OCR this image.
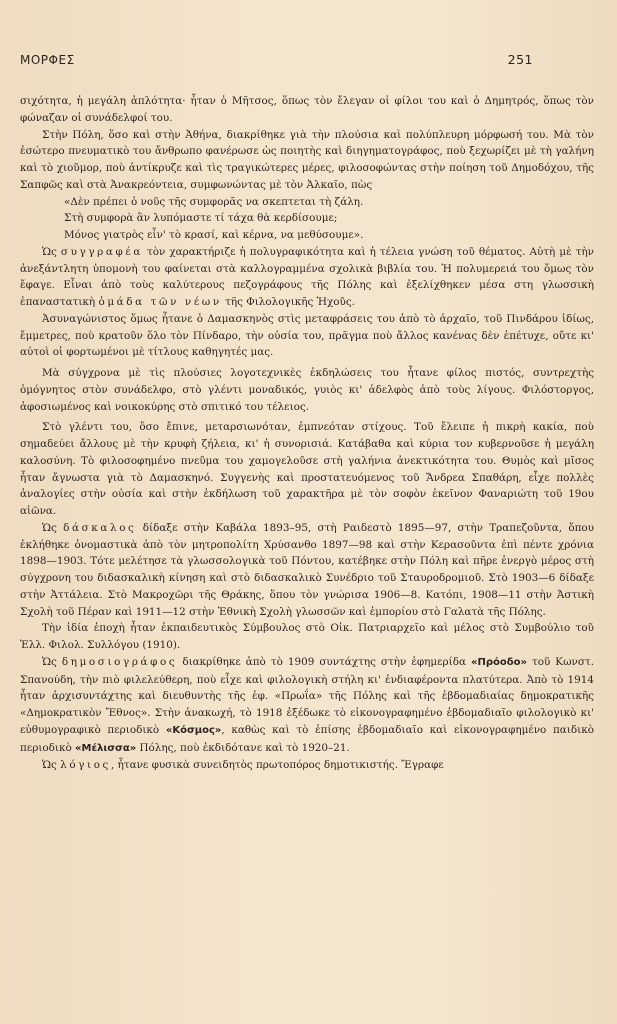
ΜΟΡΦΕΣ	251

σιχότητα, ἡ μεγάλη ἁπλότητα· ἦταν ὁ Μῆτσος, ὅπως τὸν ἔλεγαν οἱ φίλοι του καὶ ὁ Δημητρός, ὅπως τὸν φώναζαν οἱ συνάδελφοί του.

Στὴν Πόλη, ὅσο καὶ στὴν Ἀθήνα, διακρίθηκε γιὰ τὴν πλούσια καὶ πολύπλευρη μόρφωσή του. Μὰ τὸν ἐσώτερο πνευματικὸ του ἄνθρωπο φανέρωσε ὡς ποιητὴς καὶ διηγηματογράφος, ποὺ ξεχωρίζει μὲ τὴ γαλήνη καὶ τὸ χιοῦμορ, ποὺ ἀντίκρυζε καὶ τὶς τραγικώτερες μέρες, φιλοσοφώντας στὴν ποίηση τοῦ Δημοδόχου, τῆς Σαπφῶς καὶ στὰ Ἀνακρεόντεια, συμφωνώντας μὲ τὸν Ἀλκαῖο, πὼς

«Δὲν πρέπει ὁ νοῦς τῆς συμφορᾶς να σκεπτεται τὴ ζάλη.
Στὴ συμφορὰ ἂν λυπόμαστε τί τάχα θὰ κερδίσουμε;
Μόνος γιατρὸς εἶν' τὸ κρασί, καὶ κέρνα, να μεθύσουμε».

Ὡς συγγραφέα τὸν χαρακτήριζε ἡ πολυγραφικότητα καὶ ἡ τέλεια γνώση τοῦ θέματος. Αὐτὴ μὲ τὴν ἀνεξάντλητη ὑπομονὴ του φαίνεται στὰ καλλογραμμένα σχολικὰ βιβλία του. Ἡ πολυμερειά του ὅμως τὸν ἔφαγε. Εἶναι ἀπὸ τοὺς καλύτερους πεζογράφους τῆς Πόλης καὶ ἐξελίχθηκεν μέσα στη γλωσσικὴ ἐπαναστατικὴ ὁμάδα τῶν νέων τῆς Φιλολογικῆς Ἠχοῦς.

Ἀσυναγώνιστος ὅμως ἦτανε ὁ Δαμασκηνὸς στὶς μεταφράσεις του ἀπὸ τὸ ἀρχαῖο, τοῦ Πινδάρου ἰδίως, ἔμμετρες, ποὺ κρατοῦν ὅλο τὸν Πίνδαρο, τὴν οὐσία του, πρᾶγμα ποὺ ἄλλος κανένας δὲν ἐπέτυχε, οὔτε κι' αὐτοὶ οἱ φορτωμένοι μὲ τίτλους καθηγητές μας.

Μὰ σύγχρονα μὲ τὶς πλούσιες λογοτεχνικὲς ἐκδηλώσεις του ἦτανε φίλος πιστός, συντρεχτὴς ὁμόγνητος στὸν συνάδελφο, στὸ γλέντι μοναδικός, γυιὸς κι' ἀδελφὸς ἀπὸ τοὺς λίγους. Φιλόστοργος, ἀφοσιωμένος καὶ νοικοκύρης στὸ σπιτικό του τέλειος.

Στὸ γλέντι του, ὅσο ἔπινε, μεταρσιωνόταν, ἐμπνεόταν στίχους. Τοῦ ἔλειπε ἡ πικρὴ κακία, ποὺ σημαδεύει ἄλλους μὲ τὴν κρυφὴ ζήλεια, κι' ἡ συνορισιά. Κατάβαθα καὶ κύρια τον κυβερνοῦσε ἡ μεγάλη καλοσύνη. Τὸ φιλοσοφημένο πνεῦμα του χαμογελοῦσε στὴ γαλήνια ἀνεκτικότητα του. Θυμὸς καὶ μῖσος ἦταν ἄγνωστα γιὰ τὸ Δαμασκηνό. Συγγενὴς καὶ προστατευόμενος τοῦ Ἄνδρεα Σπαθάρη, εἶχε πολλὲς ἀναλογίες στὴν οὐσία καὶ στὴν ἐκδήλωση τοῦ χαρακτῆρα μὲ τὸν σοφὸν ἐκεῖνον Φαναριώτη τοῦ 19ου αἰῶνα.

Ὡς δάσκαλος δίδαξε στὴν Καβάλα 1893–95, στὴ Ραιδεστὸ 1895—97, στὴν Τραπεζοῦντα, ὅπου ἐκλήθηκε ὀνομαστικὰ ἀπὸ τὸν μητροπολίτη Χρύσανθο 1897—98 καὶ στὴν Κερασοῦντα ἐπὶ πέντε χρόνια 1898—1903. Τότε μελέτησε τὰ γλωσσολογικὰ τοῦ Πόντου, κατέβηκε στὴν Πόλη καὶ πῆρε ἐνεργὸ μέρος στὴ σύγχρονη του διδασκαλικὴ κίνηση καὶ στὸ διδασκαλικὸ Συνέδριο τοῦ Σταυροδρομιοῦ. Στὸ 1903—6 δίδαξε στὴν Ἀττάλεια. Στὸ Μακροχῶρι τῆς Θράκης, ὅπου τὸν γνώρισα 1906—8. Κατόπι, 1908—11 στὴν Ἀστικὴ Σχολὴ τοῦ Πέραν καὶ 1911—12 στὴν Ἐθνικὴ Σχολὴ γλωσσῶν καὶ ἐμπορίου στὸ Γαλατὰ τῆς Πόλης.

Τὴν ἰδία ἐποχὴ ἦταν ἐκπαιδευτικὸς Σύμβουλος στὸ Οἰκ. Πατριαρχεῖο καὶ μέλος στὸ Συμβούλιο τοῦ Ἑλλ. Φιλολ. Συλλόγου (1910).

Ὡς δημοσιογράφος διακρίθηκε ἀπὸ τὸ 1909 συντάχτης στὴν ἐφημερίδα «Πρόοδο» τοῦ Κωνστ. Σπανούδη, τὴν πιὸ φιλελεύθερη, ποὺ εἶχε καὶ φιλολογικὴ στήλη κι' ἐνδιαφέροντα πλατύτερα. Ἀπὸ τὸ 1914 ἦταν ἀρχισυντάχτης καὶ διευθυντὴς τῆς ἐφ. «Πρωΐα» τῆς Πόλης καὶ τῆς ἑβδομαδιαίας δημοκρατικῆς «Δημοκρατικὸν Ἔθνος». Στὴν ἀνακωχή, τὸ 1918 ἐξέδωκε τὸ εἰκονογραφημένο ἑβδομαδιαῖο φιλολογικὸ κι' εὐθυμογραφικὸ περιοδικὸ «Κόσμος», καθὼς καὶ τὸ ἐπίσης ἑβδομαδιαῖο καὶ εἰκονογραφημένο παιδικὸ περιοδικὸ «Μέλισσα» Πόλης, ποὺ ἐκδιδότανε καὶ τὸ 1920–21.

Ὡς λόγιος, ἦτανε φυσικὰ συνειδητὸς πρωτοπόρος δημοτικιστής. Ἔγραφε
